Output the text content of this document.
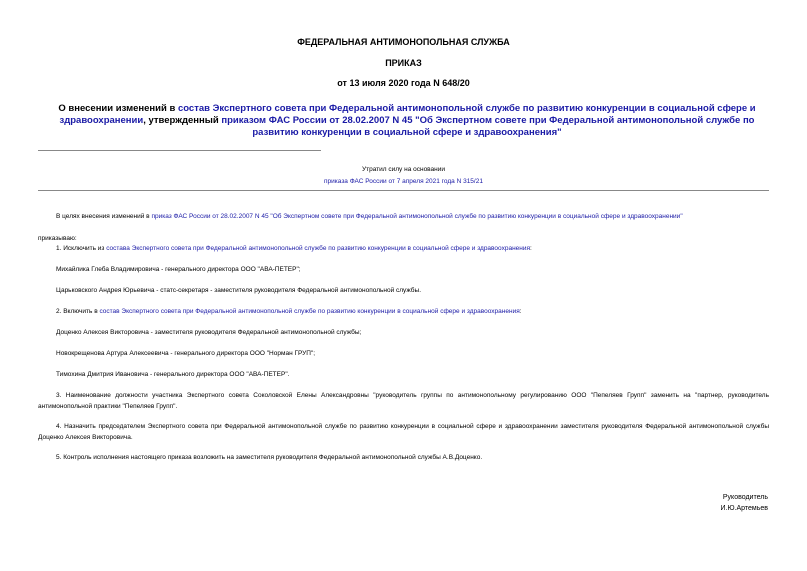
ФЕДЕРАЛЬНАЯ АНТИМОНОПОЛЬНАЯ СЛУЖБА
ПРИКАЗ
от 13 июля 2020 года N 648/20
О внесении изменений в состав Экспертного совета при Федеральной антимонопольной службе по развитию конкуренции в социальной сфере и здравоохранении, утвержденный приказом ФАС России от 28.02.2007 N 45 "Об Экспертном совете при Федеральной антимонопольной службе по развитию конкуренции в социальной сфере и здравоохранения"
Утратил силу на основании
приказа ФАС России от 7 апреля 2021 года N 315/21
В целях внесения изменений в приказ ФАС России от 28.02.2007 N 45 "Об Экспертном совете при Федеральной антимонопольной службе по развитию конкуренции в социальной сфере и здравоохранении"
приказываю:
1. Исключить из состава Экспертного совета при Федеральной антимонопольной службе по развитию конкуренции в социальной сфере и здравоохранения:
Михайлика Глеба Владимировича - генерального директора ООО "АВА-ПЕТЕР";
Царьковского Андрея Юрьевича - статс-секретаря - заместителя руководителя Федеральной антимонопольной службы.
2. Включить в состав Экспертного совета при Федеральной антимонопольной службе по развитию конкуренции в социальной сфере и здравоохранения:
Доценко Алексея Викторовича - заместителя руководителя Федеральной антимонопольной службы;
Новокрещенова Артура Алексеевича - генерального директора ООО "Норман ГРУП";
Тимохина Дмитрия Ивановича - генерального директора ООО "АВА-ПЕТЕР".
3. Наименование должности участника Экспертного совета Соколовской Елены Александровны "руководитель группы по антимонопольному регулированию ООО "Пепеляев Групп" заменить на "партнер, руководитель антимонопольной практики "Пепеляев Групп".
4. Назначить председателем Экспертного совета при Федеральной антимонопольной службе по развитию конкуренции в социальной сфере и здравоохранении заместителя руководителя Федеральной антимонопольной службы Доценко Алексея Викторовича.
5. Контроль исполнения настоящего приказа возложить на заместителя руководителя Федеральной антимонопольной службы А.В.Доценко.
Руководитель
И.Ю.Артемьев
